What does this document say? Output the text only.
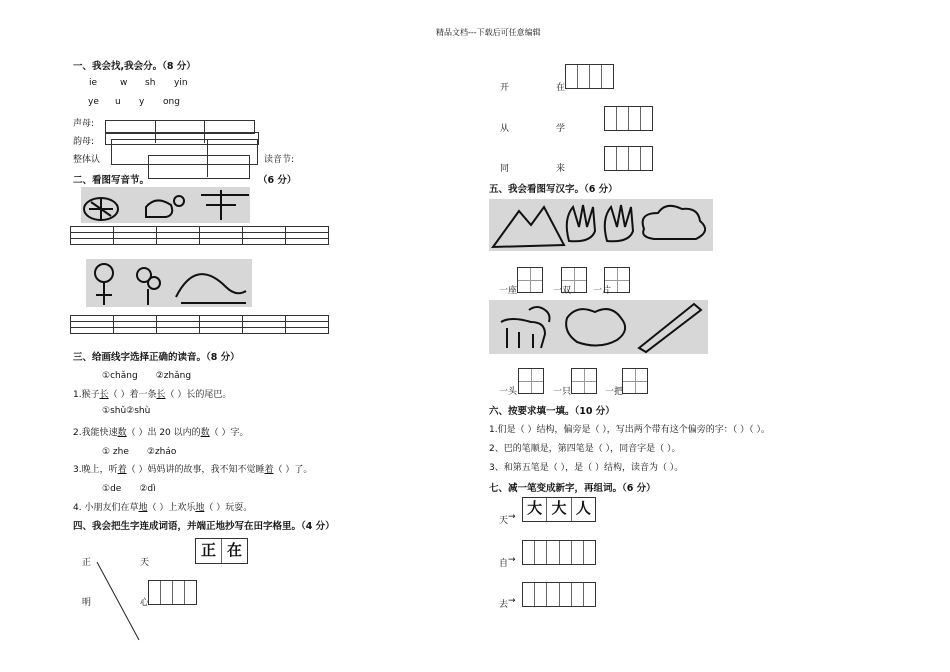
精品文档---下载后可任意编辑
一、我会找,我会分。（8 分）
ie	w sh yin
ye u y ong
声母:
韵母:
整体认	读音节:
二、看图写音节。	（6 分）

三、给画线字选择正确的读音。（8 分）
①chǎng　　②zhǎng
1.猴子长（ ）着一条长（ ）长的尾巴。
①shǔ②shù
2.我能快速数（ ）出 20 以内的数（ ）字。
① zhe　　②zháo
3.晚上，听着（ ）妈妈讲的故事，我不知不觉睡着（ ）了。
①de　　②dì
4. 小朋友们在草地（ ）上欢乐地（ ）玩耍。
四、我会把生字连成词语，并端正地抄写在田字格里。（4 分）
正	天
明	心
正 在
开	在
从	学
同	来
五、我会看图写汉字。（6 分）
一座	一双 一片
一头	一只	一把
六、按要求填一填。（10 分）
1.们是（ ）结构，偏旁是（ ），写出两个带有这个偏旁的字：（ ）（ ）。
2、巴的笔顺是，第四笔是（ ），同音字是（ ）。
3、和第五笔是（ ），是（ ）结构，读音为（ ）。
七、减一笔变成新字，再组词。（6 分）
天 → 大 大 人
自 →
去 →
